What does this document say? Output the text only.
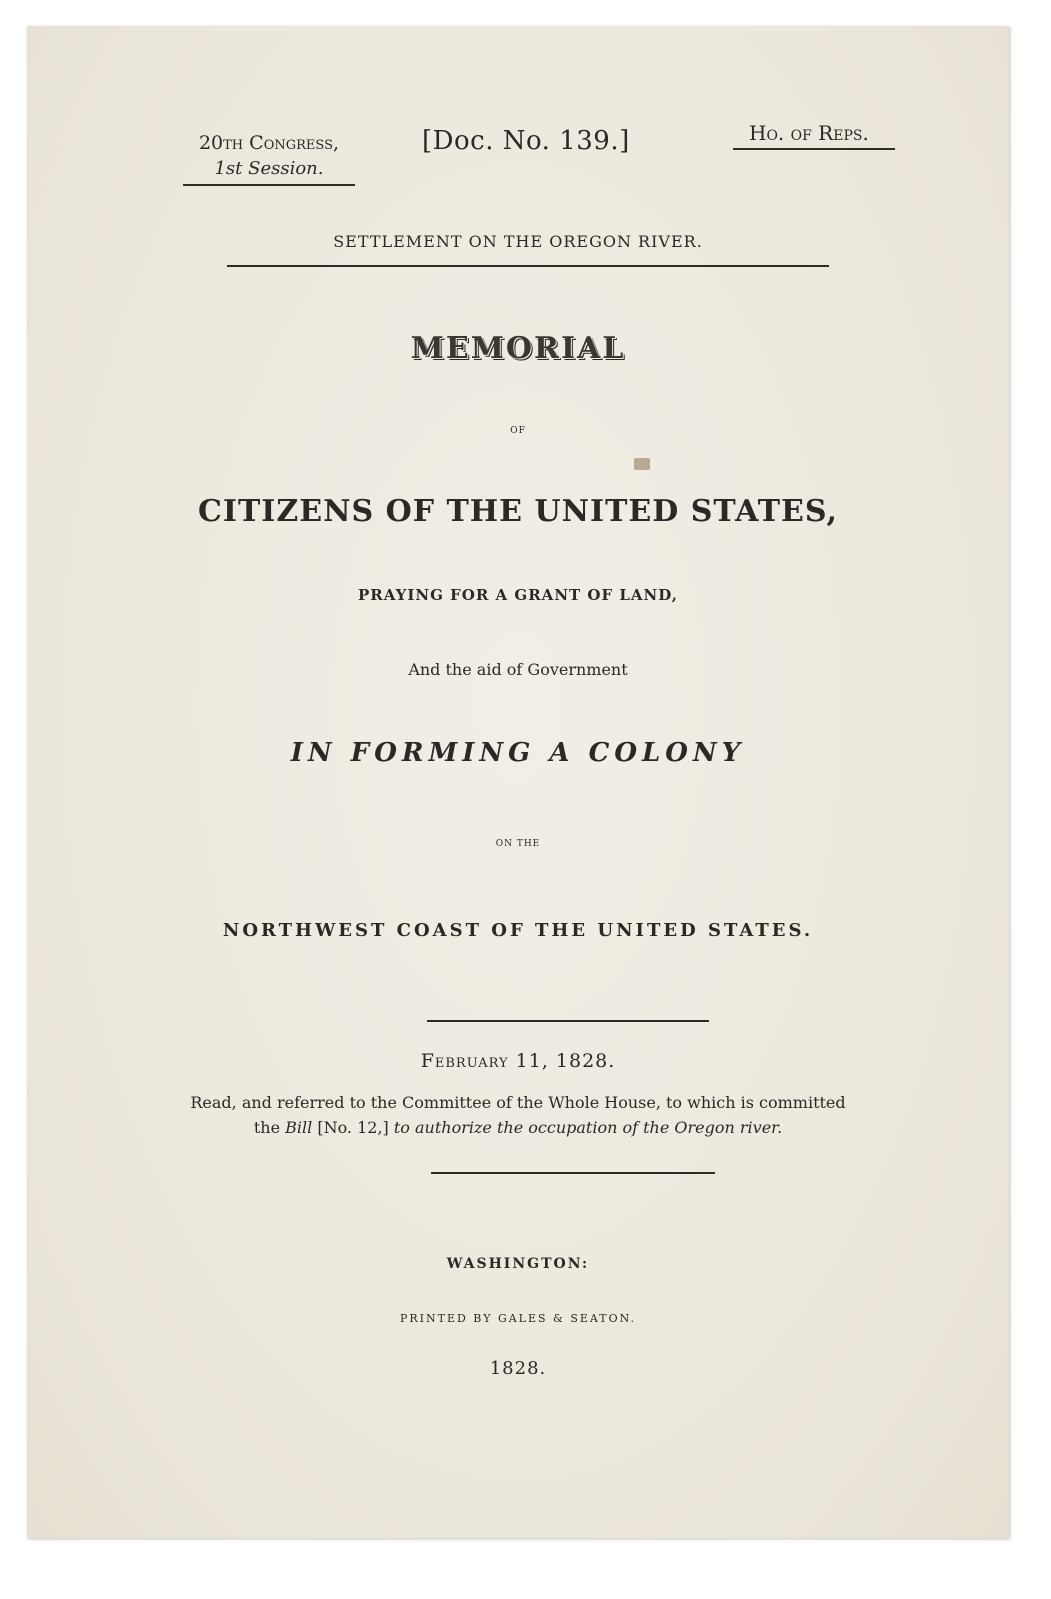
20th Congress,
1st Session.
[Doc. No. 139.]	Ho. of Reps.
SETTLEMENT ON THE OREGON RIVER.
MEMORIAL
OF
CITIZENS OF THE UNITED STATES,
PRAYING FOR A GRANT OF LAND,
And the aid of Government
IN FORMING A COLONY
ON THE
NORTHWEST COAST OF THE UNITED STATES.
February 11, 1828.
Read, and referred to the Committee of the Whole House, to which is committed
the Bill [No. 12,] to authorize the occupation of the Oregon river.
WASHINGTON:
PRINTED BY GALES & SEATON.
1828.
